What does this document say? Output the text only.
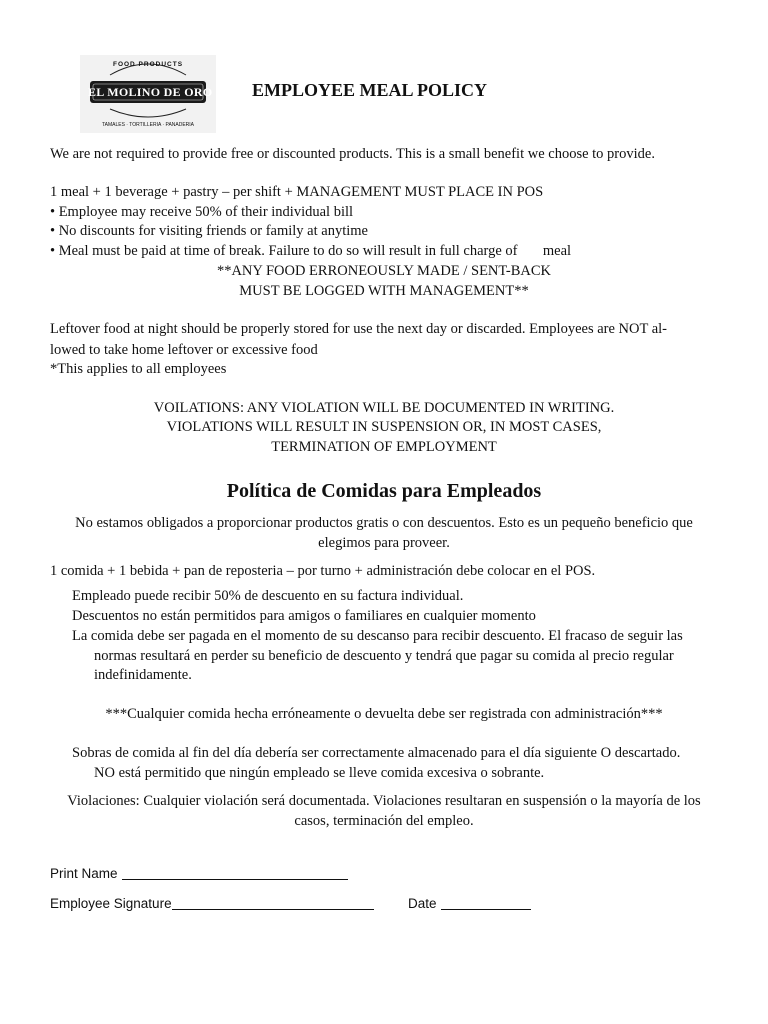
FOOD PRODUCTS
EL MOLINO DE ORO
TAMALES · TORTILLERIA · PANADERIA
EMPLOYEE MEAL POLICY
We are not required to provide free or discounted products. This is a small benefit we choose to provide.
1 meal + 1 beverage + pastry – per shift + MANAGEMENT MUST PLACE IN POS
• Employee may receive 50% of their individual bill
• No discounts for visiting friends or family at anytime
• Meal must be paid at time of break. Failure to do so will result in full charge of       meal
**ANY FOOD ERRONEOUSLY MADE / SENT-BACK
MUST BE LOGGED WITH MANAGEMENT**
Leftover food at night should be properly stored for use the next day or discarded. Employees are NOT al-
lowed to take home leftover or excessive food
*This applies to all employees
VOILATIONS: ANY VIOLATION WILL BE DOCUMENTED IN WRITING.
VIOLATIONS WILL RESULT IN SUSPENSION OR, IN MOST CASES,
TERMINATION OF EMPLOYMENT
Política de Comidas para Empleados
No estamos obligados a proporcionar productos gratis o con descuentos. Esto es un pequeño beneficio que
elegimos para proveer.
1 comida + 1 bebida + pan de reposteria – por turno + administración debe colocar en el POS.
Empleado puede recibir 50% de descuento en su factura individual.
Descuentos no están permitidos para amigos o familiares en cualquier momento
La comida debe ser pagada en el momento de su descanso para recibir descuento. El fracaso de seguir las
normas resultará en perder su beneficio de descuento y tendrá que pagar su comida al precio regular
indefinidamente.
***Cualquier comida hecha erróneamente o devuelta debe ser registrada con administración***
Sobras de comida al fin del día debería ser correctamente almacenado para el día siguiente O descartado.
NO está permitido que ningún empleado se lleve comida excesiva o sobrante.
Violaciones: Cualquier violación será documentada. Violaciones resultaran en suspensión o la mayoría de los
casos, terminación del empleo.
Print Name
Employee Signature	Date
